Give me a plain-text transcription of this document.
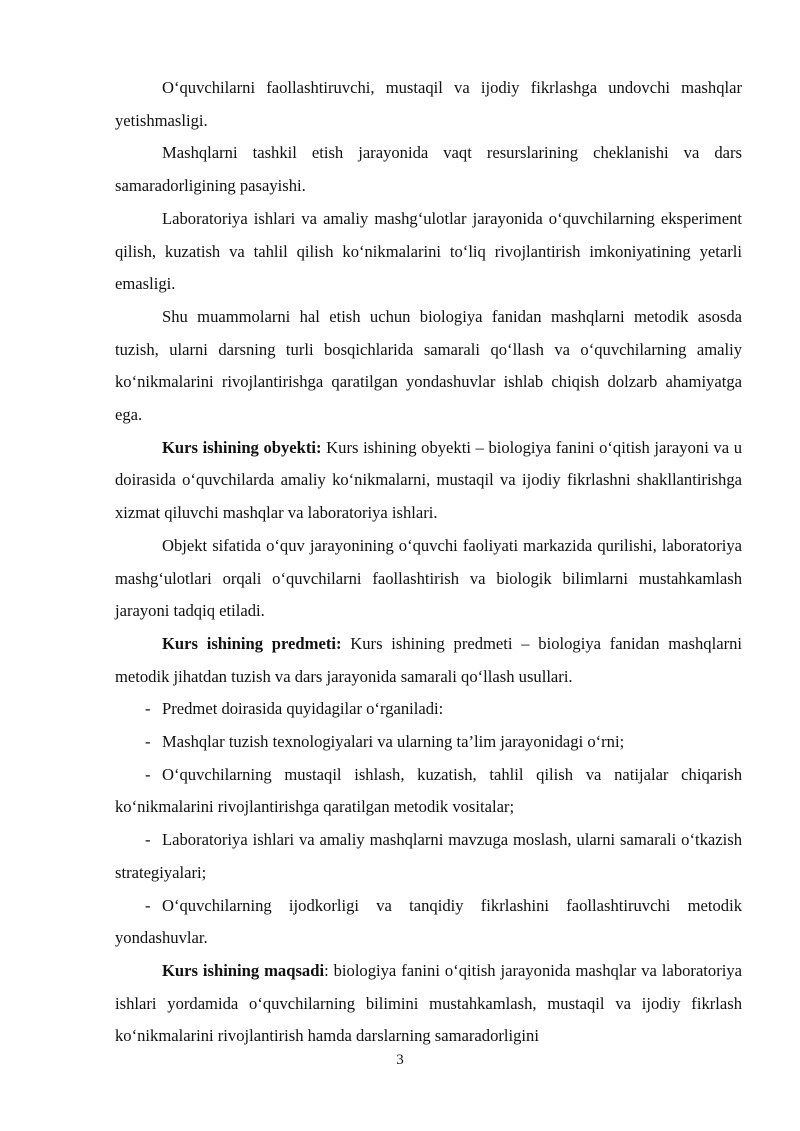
O‘quvchilarni faollashtiruvchi, mustaqil va ijodiy fikrlashga undovchi mashqlar yetishmasligi.

Mashqlarni tashkil etish jarayonida vaqt resurslarining cheklanishi va dars samaradorligining pasayishi.

Laboratoriya ishlari va amaliy mashg‘ulotlar jarayonida o‘quvchilarning eksperiment qilish, kuzatish va tahlil qilish ko‘nikmalarini to‘liq rivojlantirish imkoniyatining yetarli emasligi.

Shu muammolarni hal etish uchun biologiya fanidan mashqlarni metodik asosda tuzish, ularni darsning turli bosqichlarida samarali qo‘llash va o‘quvchilarning amaliy ko‘nikmalarini rivojlantirishga qaratilgan yondashuvlar ishlab chiqish dolzarb ahamiyatga ega.

Kurs ishining obyekti: Kurs ishining obyekti – biologiya fanini o‘qitish jarayoni va u doirasida o‘quvchilarda amaliy ko‘nikmalarni, mustaqil va ijodiy fikrlashni shakllantirishga xizmat qiluvchi mashqlar va laboratoriya ishlari.

Objekt sifatida o‘quv jarayonining o‘quvchi faoliyati markazida qurilishi, laboratoriya mashg‘ulotlari orqali o‘quvchilarni faollashtirish va biologik bilimlarni mustahkamlash jarayoni tadqiq etiladi.

Kurs ishining predmeti: Kurs ishining predmeti – biologiya fanidan mashqlarni metodik jihatdan tuzish va dars jarayonida samarali qo‘llash usullari.

- Predmet doirasida quyidagilar o‘rganiladi:

- Mashqlar tuzish texnologiyalari va ularning ta’lim jarayonidagi o‘rni;

- O‘quvchilarning mustaqil ishlash, kuzatish, tahlil qilish va natijalar chiqarish ko‘nikmalarini rivojlantirishga qaratilgan metodik vositalar;

- Laboratoriya ishlari va amaliy mashqlarni mavzuga moslash, ularni samarali o‘tkazish strategiyalari;

- O‘quvchilarning ijodkorligi va tanqidiy fikrlashini faollashtiruvchi metodik yondashuvlar.

Kurs ishining maqsadi: biologiya fanini o‘qitish jarayonida mashqlar va laboratoriya ishlari yordamida o‘quvchilarning bilimini mustahkamlash, mustaqil va ijodiy fikrlash ko‘nikmalarini rivojlantirish hamda darslarning samaradorligini

3
